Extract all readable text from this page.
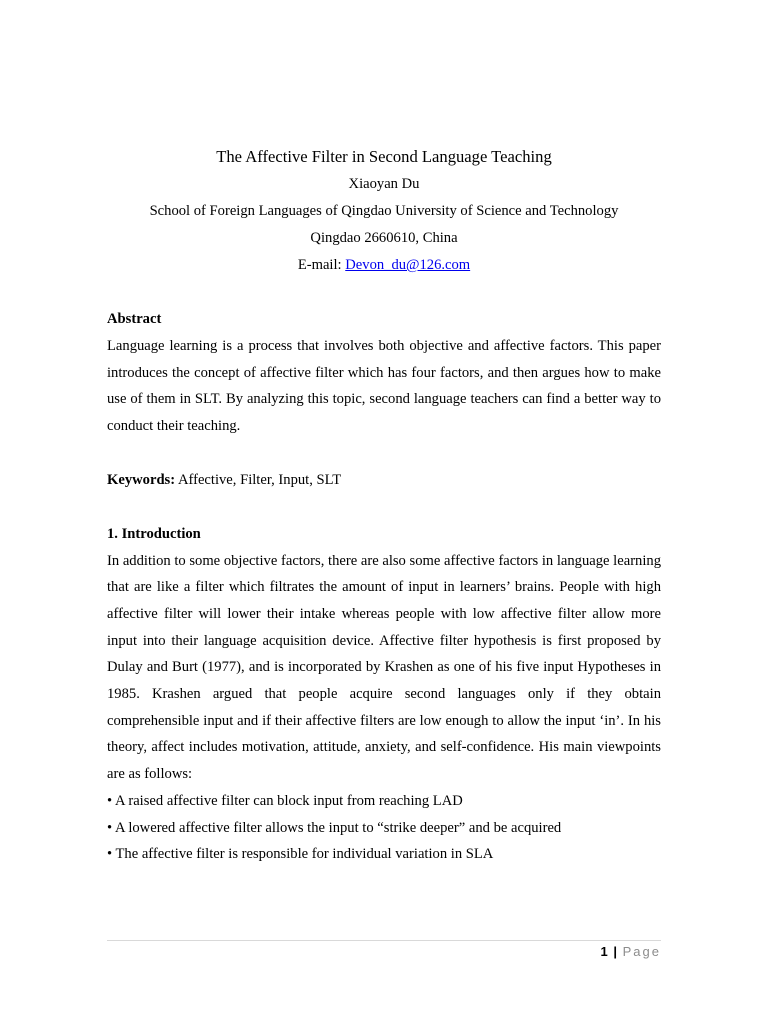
The Affective Filter in Second Language Teaching
Xiaoyan Du
School of Foreign Languages of Qingdao University of Science and Technology
Qingdao 2660610, China
E-mail: Devon_du@126.com

Abstract

Language learning is a process that involves both objective and affective factors. This paper introduces the concept of affective filter which has four factors, and then argues how to make use of them in SLT. By analyzing this topic, second language teachers can find a better way to conduct their teaching.

Keywords: Affective, Filter, Input, SLT

1. Introduction

In addition to some objective factors, there are also some affective factors in language learning that are like a filter which filtrates the amount of input in learners’ brains. People with high affective filter will lower their intake whereas people with low affective filter allow more input into their language acquisition device. Affective filter hypothesis is first proposed by Dulay and Burt (1977), and is incorporated by Krashen as one of his five input Hypotheses in 1985. Krashen argued that people acquire second languages only if they obtain comprehensible input and if their affective filters are low enough to allow the input ‘in’. In his theory, affect includes motivation, attitude, anxiety, and self-confidence. His main viewpoints are as follows:

• A raised affective filter can block input from reaching LAD

• A lowered affective filter allows the input to “strike deeper” and be acquired

• The affective filter is responsible for individual variation in SLA

1 | Page
